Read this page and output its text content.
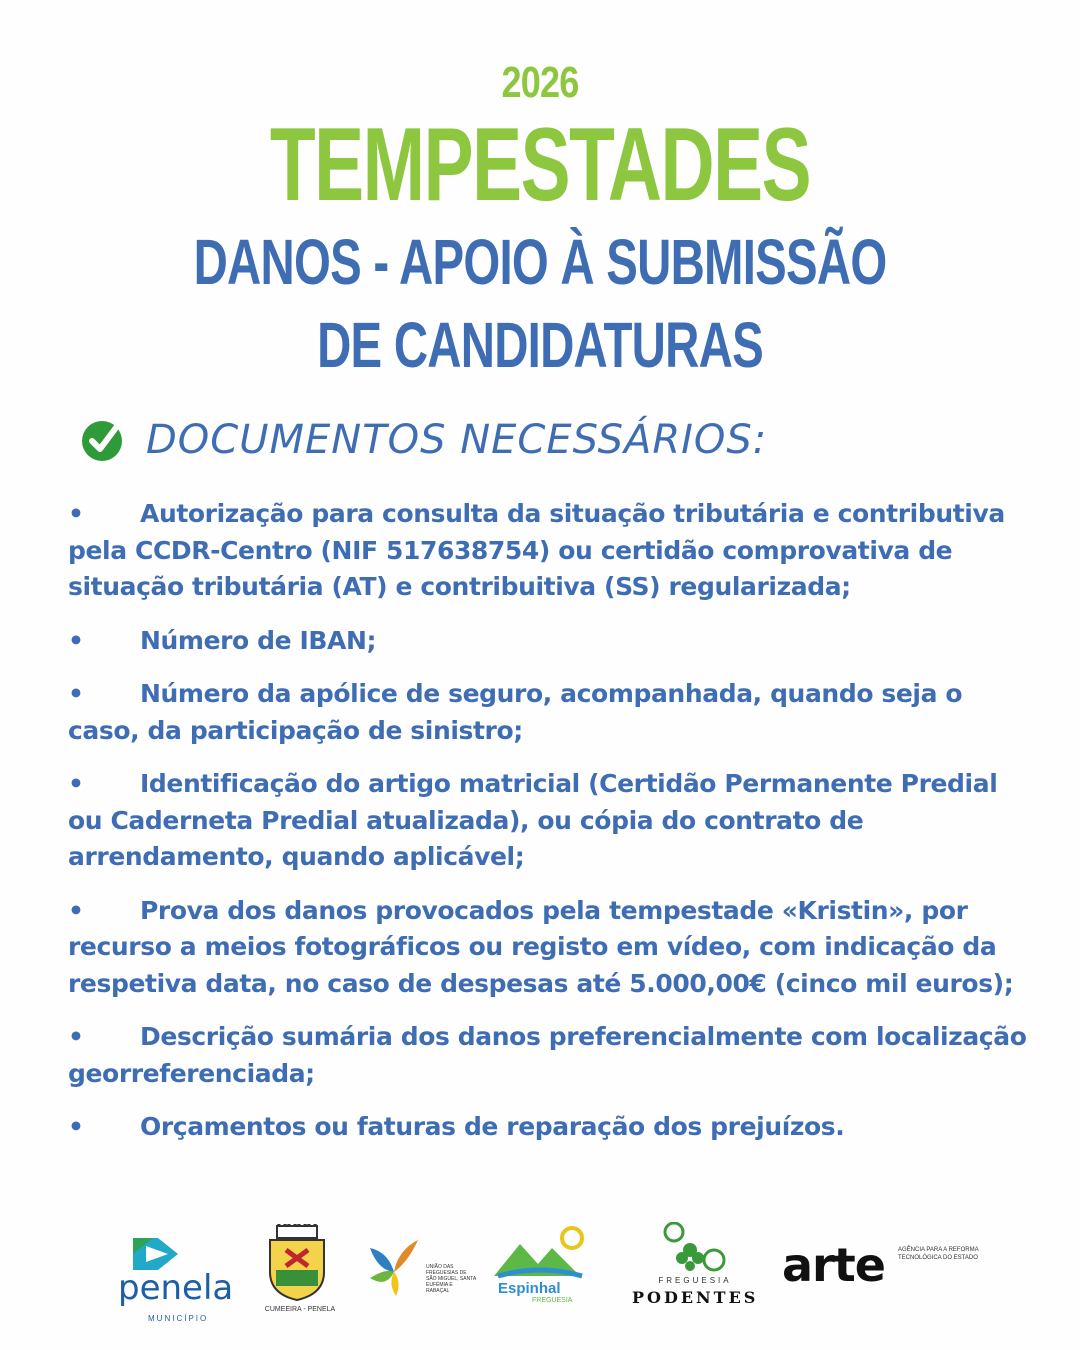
2026
TEMPESTADES
DANOS - APOIO À SUBMISSÃO
DE CANDIDATURAS
DOCUMENTOS NECESSÁRIOS:
• Autorização para consulta da situação tributária e contributiva pela CCDR-Centro (NIF 517638754) ou certidão comprovativa de situação tributária (AT) e contribuitiva (SS) regularizada;
• Número de IBAN;
• Número da apólice de seguro, acompanhada, quando seja o caso, da participação de sinistro;
• Identificação do artigo matricial (Certidão Permanente Predial ou Caderneta Predial atualizada), ou cópia do contrato de arrendamento, quando aplicável;
• Prova dos danos provocados pela tempestade «Kristin», por recurso a meios fotográficos ou registo em vídeo, com indicação da respetiva data, no caso de despesas até 5.000,00€ (cinco mil euros);
• Descrição sumária dos danos preferencialmente com localização georreferenciada;
• Orçamentos ou faturas de reparação dos prejuízos.
penela
MUNICÍPIO
CUMEEIRA - PENELA
UNIÃO DAS FREGUESIAS DE SÃO MIGUEL, SANTA EUFÉMIA E RABAÇAL	Espinhal
FREGUESIA
FREGUESIA
PODENTES
arte AGÊNCIA PARA A REFORMA TECNOLÓGICA DO ESTADO
